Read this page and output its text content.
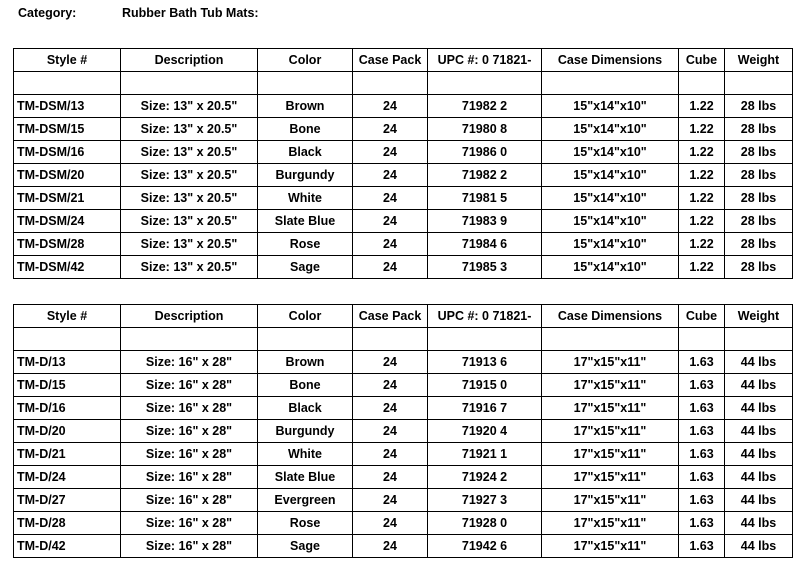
Category:	Rubber Bath Tub Mats:
Style #	Description	Color	Case Pack	UPC #: 0 71821-	Case Dimensions	Cube	Weight

TM-DSM/13	Size: 13" x 20.5"	Brown	24	71982 2	15"x14"x10"	1.22	28 lbs
TM-DSM/15	Size: 13" x 20.5"	Bone	24	71980 8	15"x14"x10"	1.22	28 lbs
TM-DSM/16	Size: 13" x 20.5"	Black	24	71986 0	15"x14"x10"	1.22	28 lbs
TM-DSM/20	Size: 13" x 20.5"	Burgundy	24	71982 2	15"x14"x10"	1.22	28 lbs
TM-DSM/21	Size: 13" x 20.5"	White	24	71981 5	15"x14"x10"	1.22	28 lbs
TM-DSM/24	Size: 13" x 20.5"	Slate Blue	24	71983 9	15"x14"x10"	1.22	28 lbs
TM-DSM/28	Size: 13" x 20.5"	Rose	24	71984 6	15"x14"x10"	1.22	28 lbs
TM-DSM/42	Size: 13" x 20.5"	Sage	24	71985 3	15"x14"x10"	1.22	28 lbs
Style #	Description	Color	Case Pack	UPC #: 0 71821-	Case Dimensions	Cube	Weight

TM-D/13	Size: 16" x 28"	Brown	24	71913 6	17"x15"x11"	1.63	44 lbs
TM-D/15	Size: 16" x 28"	Bone	24	71915 0	17"x15"x11"	1.63	44 lbs
TM-D/16	Size: 16" x 28"	Black	24	71916 7	17"x15"x11"	1.63	44 lbs
TM-D/20	Size: 16" x 28"	Burgundy	24	71920 4	17"x15"x11"	1.63	44 lbs
TM-D/21	Size: 16" x 28"	White	24	71921 1	17"x15"x11"	1.63	44 lbs
TM-D/24	Size: 16" x 28"	Slate Blue	24	71924 2	17"x15"x11"	1.63	44 lbs
TM-D/27	Size: 16" x 28"	Evergreen	24	71927 3	17"x15"x11"	1.63	44 lbs
TM-D/28	Size: 16" x 28"	Rose	24	71928 0	17"x15"x11"	1.63	44 lbs
TM-D/42	Size: 16" x 28"	Sage	24	71942 6	17"x15"x11"	1.63	44 lbs
